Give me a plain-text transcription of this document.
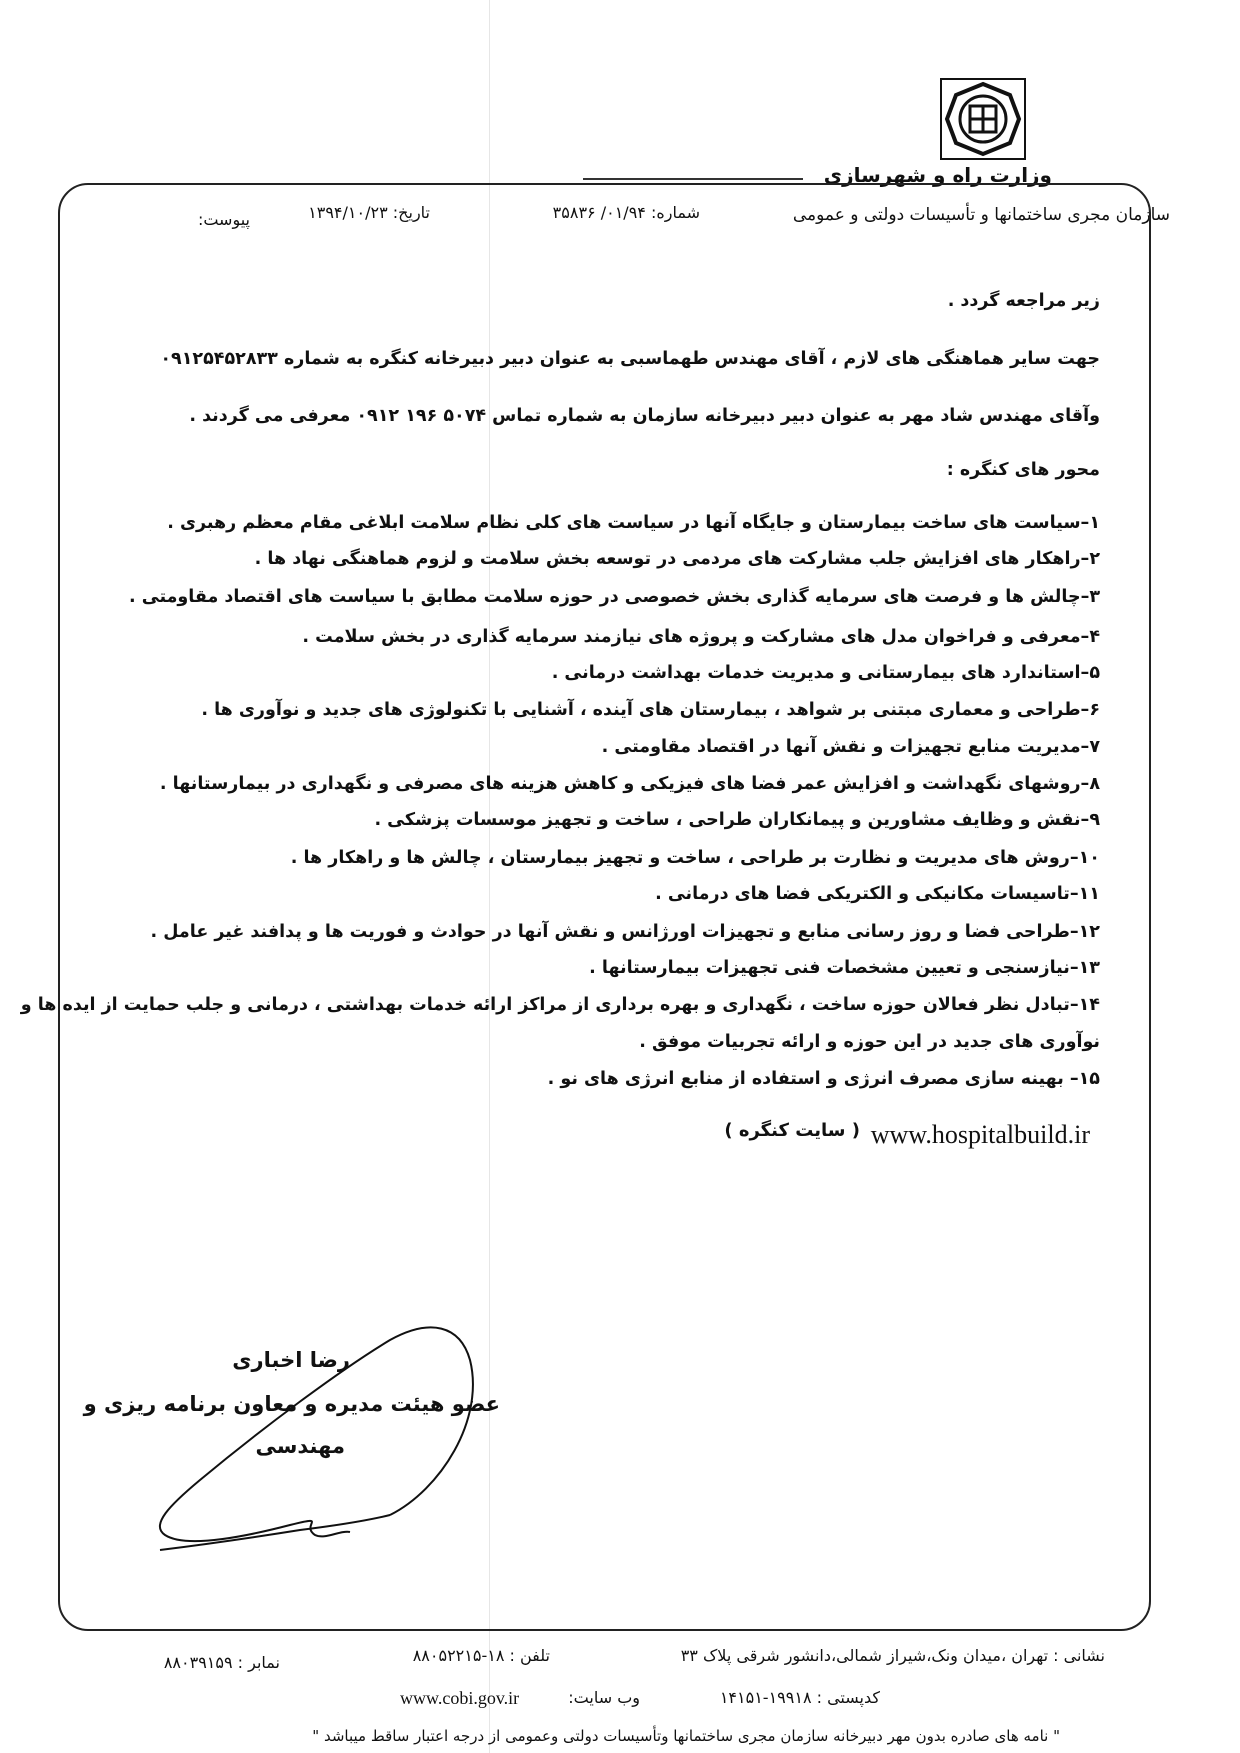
وزارت راه و شهرسازی
سازمان مجری ساختمانها و تأسیسات دولتی و عمومی
شماره: ۰۱/۹۴/ ۳۵۸۳۶
تاریخ: ۱۳۹۴/۱۰/۲۳
پیوست:
زیر مراجعه گردد .
جهت سایر هماهنگی های لازم ، آقای مهندس طهماسبی به عنوان دبیر دبیرخانه کنگره به شماره ۰۹۱۲۵۴۵۲۸۳۳
وآقای مهندس شاد مهر به عنوان دبیر دبیرخانه سازمان به شماره تماس ۵۰۷۴ ۱۹۶ ۰۹۱۲ معرفی می گردند .
محور های کنگره :
۱–سیاست های ساخت بیمارستان و جایگاه آنها در سیاست های کلی نظام سلامت ابلاغی مقام معظم رهبری .
۲–راهکار های افزایش جلب مشارکت های مردمی در توسعه بخش سلامت و لزوم هماهنگی نهاد ها .
۳–چالش ها و فرصت های سرمایه گذاری بخش خصوصی در حوزه سلامت مطابق با سیاست های اقتصاد مقاومتی .
۴–معرفی و فراخوان مدل های مشارکت و پروژه های نیازمند سرمایه گذاری در بخش سلامت .
۵–استاندارد های بیمارستانی و مدیریت خدمات بهداشت درمانی .
۶–طراحی و معماری مبتنی بر شواهد ، بیمارستان های آینده ، آشنایی با تکنولوژی های جدید و نوآوری ها .
۷–مدیریت منابع تجهیزات و نقش آنها در اقتصاد مقاومتی .
۸–روشهای نگهداشت و افزایش عمر فضا های فیزیکی و کاهش هزینه های مصرفی و نگهداری در بیمارستانها .
۹–نقش و وظایف مشاورین و پیمانکاران طراحی ، ساخت و تجهیز موسسات پزشکی .
۱۰–روش های مدیریت و نظارت بر طراحی ، ساخت و تجهیز بیمارستان ، چالش ها و راهکار ها .
۱۱–تاسیسات مکانیکی و الکتریکی فضا های درمانی .
۱۲–طراحی فضا و روز رسانی منابع و تجهیزات اورژانس و نقش آنها در حوادث و فوریت ها و پدافند غیر عامل .
۱۳–نیازسنجی و تعیین مشخصات فنی تجهیزات بیمارستانها .
۱۴–تبادل نظر فعالان حوزه ساخت ، نگهداری و بهره برداری از مراکز ارائه خدمات بهداشتی ، درمانی و جلب حمایت از ایده ها و
نوآوری های جدید در این حوزه و ارائه تجربیات موفق .
۱۵– بهینه سازی مصرف انرژی و استفاده از منابع انرژی های نو .
www.hospitalbuild.ir
( سایت کنگره )
رضا اخباری
عضو هیئت مدیره و معاون برنامه ریزی و
مهندسی
نشانی : تهران ،میدان ونک،شیراز شمالی،دانشور شرقی پلاک ۳۳
تلفن : ۱۸-۸۸۰۵۲۲۱۵
نمابر : ۸۸۰۳۹۱۵۹
کدپستی : ۱۹۹۱۸-۱۴۱۵۱
وب سایت:
www.cobi.gov.ir
" نامه های صادره بدون مهر دبیرخانه سازمان مجری ساختمانها وتأسیسات دولتی وعمومی از درجه اعتبار ساقط میباشد "
